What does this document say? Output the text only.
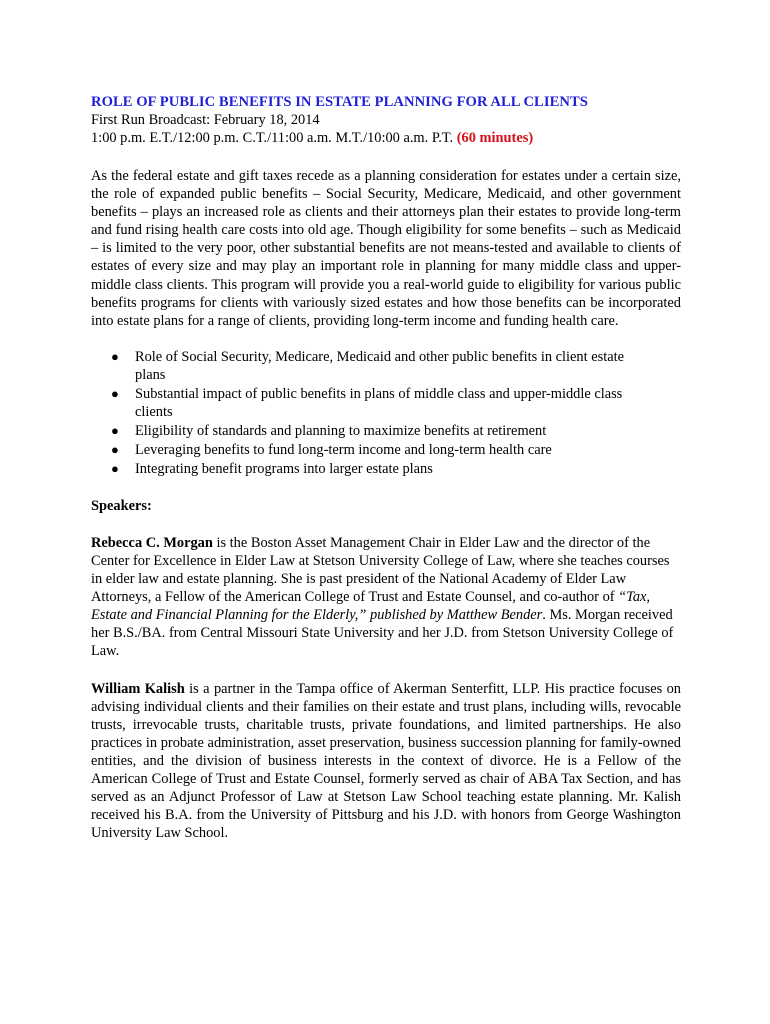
ROLE OF PUBLIC BENEFITS IN ESTATE PLANNING FOR ALL CLIENTS

First Run Broadcast: February 18, 2014

1:00 p.m. E.T./12:00 p.m. C.T./11:00 a.m. M.T./10:00 a.m. P.T. (60 minutes)

As the federal estate and gift taxes recede as a planning consideration for estates under a certain size, the role of expanded public benefits – Social Security, Medicare, Medicaid, and other government benefits – plays an increased role as clients and their attorneys plan their estates to provide long-term and fund rising health care costs into old age. Though eligibility for some benefits – such as Medicaid – is limited to the very poor, other substantial benefits are not means-tested and available to clients of estates of every size and may play an important role in planning for many middle class and upper-middle class clients. This program will provide you a real-world guide to eligibility for various public benefits programs for clients with variously sized estates and how those benefits can be incorporated into estate plans for a range of clients, providing long-term income and funding health care.

● Role of Social Security, Medicare, Medicaid and other public benefits in client estate plans
● Substantial impact of public benefits in plans of middle class and upper-middle class clients
● Eligibility of standards and planning to maximize benefits at retirement
● Leveraging benefits to fund long-term income and long-term health care
● Integrating benefit programs into larger estate plans

Speakers:

Rebecca C. Morgan is the Boston Asset Management Chair in Elder Law and the director of the Center for Excellence in Elder Law at Stetson University College of Law, where she teaches courses in elder law and estate planning. She is past president of the National Academy of Elder Law Attorneys, a Fellow of the American College of Trust and Estate Counsel, and co-author of “Tax, Estate and Financial Planning for the Elderly,” published by Matthew Bender. Ms. Morgan received her B.S./BA. from Central Missouri State University and her J.D. from Stetson University College of Law.

William Kalish is a partner in the Tampa office of Akerman Senterfitt, LLP. His practice focuses on advising individual clients and their families on their estate and trust plans, including wills, revocable trusts, irrevocable trusts, charitable trusts, private foundations, and limited partnerships. He also practices in probate administration, asset preservation, business succession planning for family-owned entities, and the division of business interests in the context of divorce. He is a Fellow of the American College of Trust and Estate Counsel, formerly served as chair of ABA Tax Section, and has served as an Adjunct Professor of Law at Stetson Law School teaching estate planning. Mr. Kalish received his B.A. from the University of Pittsburg and his J.D. with honors from George Washington University Law School.
